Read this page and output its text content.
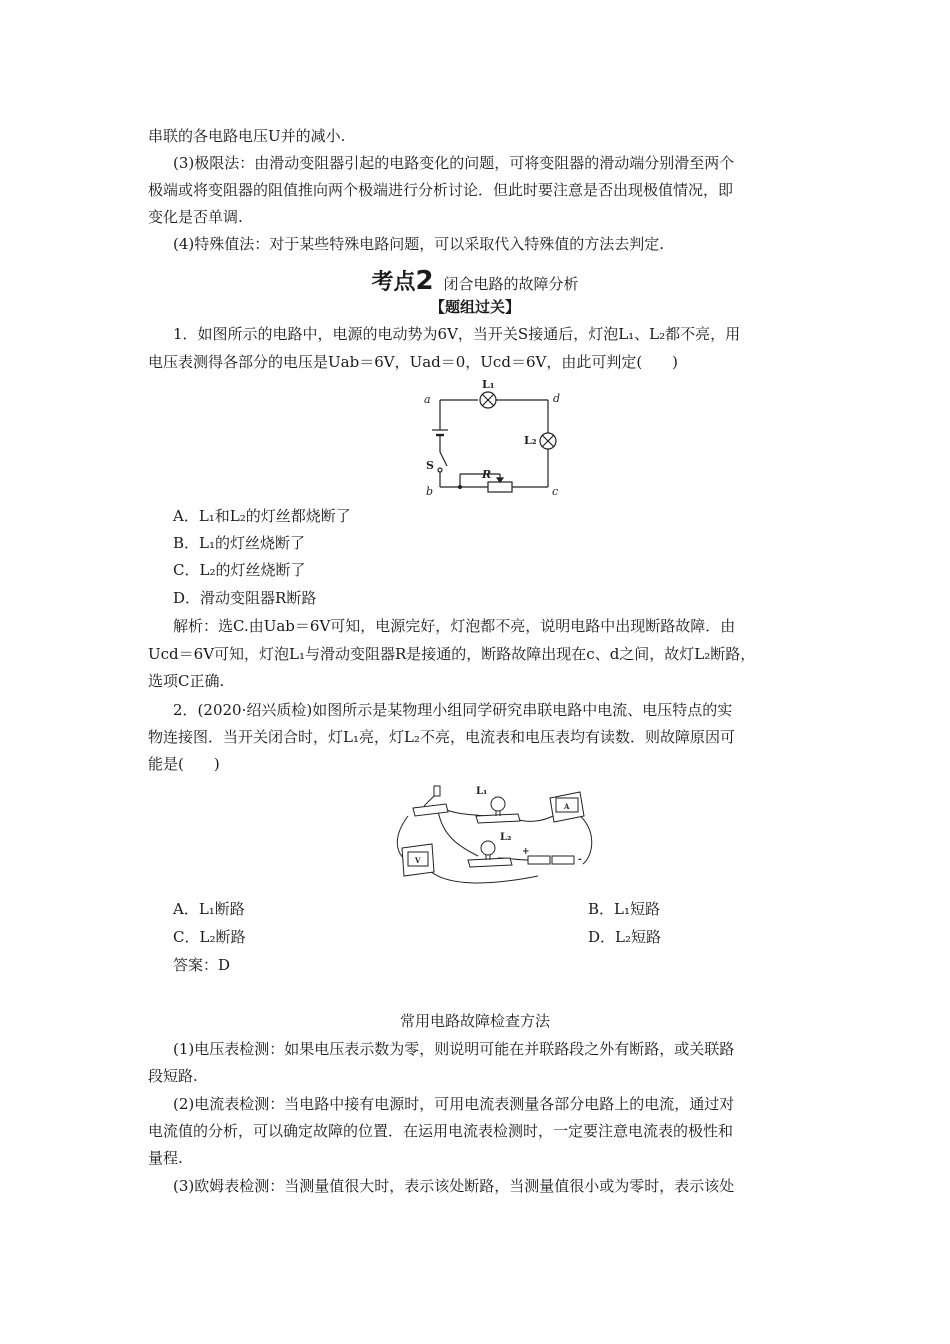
串联的各电路电压U并的减小.
(3)极限法：由滑动变阻器引起的电路变化的问题，可将变阻器的滑动端分别滑至两个
极端或将变阻器的阻值推向两个极端进行分析讨论．但此时要注意是否出现极值情况，即
变化是否单调.
(4)特殊值法：对于某些特殊电路问题，可以采取代入特殊值的方法去判定.
考点2 闭合电路的故障分析
【题组过关】
1．如图所示的电路中，电源的电动势为6V，当开关S接通后，灯泡L₁、L₂都不亮，用
电压表测得各部分的电压是Uab＝6V，Uad＝0，Ucd＝6V，由此可判定(　　)
a	d
b	c
R
L₁
L₂
S
A．L₁和L₂的灯丝都烧断了
B．L₁的灯丝烧断了
C．L₂的灯丝烧断了
D．滑动变阻器R断路
解析：选C.由Uab＝6V可知，电源完好，灯泡都不亮，说明电路中出现断路故障．由
Ucd＝6V可知，灯泡L₁与滑动变阻器R是接通的，断路故障出现在c、d之间，故灯L₂断路，
选项C正确.
2．(2020·绍兴质检)如图所示是某物理小组同学研究串联电路中电流、电压特点的实
物连接图．当开关闭合时，灯L₁亮，灯L₂不亮，电流表和电压表均有读数．则故障原因可
能是(　　)
L₁
L₂
A
V
+
-
A．L₁断路	B．L₁短路
C．L₂断路	D．L₂短路
答案：D
常用电路故障检查方法
(1)电压表检测：如果电压表示数为零，则说明可能在并联路段之外有断路，或关联路
段短路.
(2)电流表检测：当电路中接有电源时，可用电流表测量各部分电路上的电流，通过对
电流值的分析，可以确定故障的位置．在运用电流表检测时，一定要注意电流表的极性和
量程.
(3)欧姆表检测：当测量值很大时，表示该处断路，当测量值很小或为零时，表示该处
